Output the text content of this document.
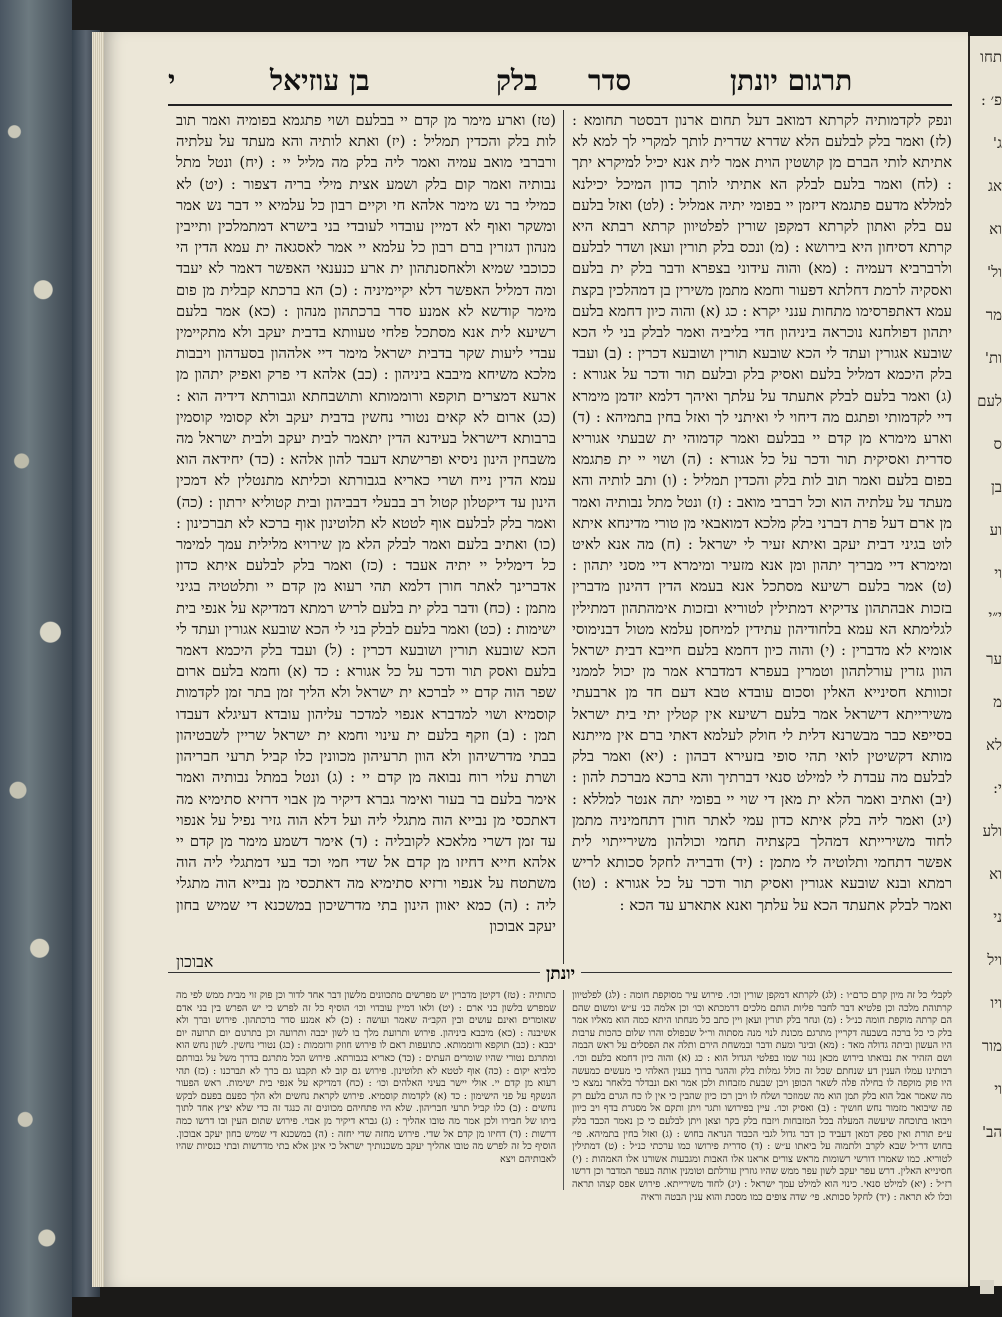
י	בן עוזיאל	בלק סדר	תרגום יונתן
ונפק לקדמותיה לקרתא דמואב דעל תחום ארנון דבסטר תחומא : (לז) ואמר בלק לבלעם הלא שדרא שדרית לותך למקרי לך למא לא אתיתא לותי הברם מן קושטין הוית אמר לית אנא יכיל למיקרא יתך : (לח) ואמר בלעם לבלק הא אתיתי לותך כדון המיכל יכילנא למללא מדעם פתגמא דיזמן יי בפומי יתיה אמליל : (לט) ואזל בלעם עם בלק ואתון לקרתא דמקפן שורין לפלטיוון קרתא רבתא היא קרתא דסיחון היא בירושא : (מ) ונכס בלק תורין ועאן ושדר לבלעם ולרברביא דעמיה : (מא) והוה עידוני בצפרא ודבר בלק ית בלעם ואסקיה לרמת דחלתא דפעור וחמא מתמן משירין בן דמהלכין בקצת עמא דאתפרסימו מתחות ענני יקרא : כג (א) והוה כיון דחמא בלעם יתהון דפולחנא נוכראה ביניהון חדי בליביה ואמר לבלק בני לי הכא שובעא אגורין ועתד לי הכא שובעא תורין ושובעא דכרין : (ב) ועבד בלק היכמא דמליל בלעם ואסיק בלק ובלעם תור ודכר על אגורא : (ג) ואמר בלעם לבלק אתעתד על עלתך ואיהך דלמא יזדמן מימרא דיי לקדמותי ופתגם מה דיחוי לי ואיתני לך ואזל בחין בתמיהא : (ד) וארע מימרא מן קדם יי בבלעם ואמר קדמוהי ית שבעתי אגוריא סדרית ואסיקית תור ודכר על כל אגורא : (ה) ושוי יי ית פתגמא בפום בלעם ואמר תוב לות בלק והכדין תמליל : (ו) ותב לותיה והא מעתד על עלתיה הוא וכל רברבי מואב : (ז) ונטל מתל נבותיה ואמר מן ארם דעל פרת דברני בלק מלכא דמואבאי מן טורי מדינחא איתא לוט בגיני דבית יעקב ואיתא זעיר לי ישראל : (ח) מה אנא לאיט ומימרא דיי מבריך יתהון ומן אנא מזעיר ומימרא דיי מסני יתהון : (ט) אמר בלעם רשיעא מסתכל אנא בעמא הדין דהינון מדברין בזכות אבהתהון צדיקיא דמתילין לטוריא ובזכות אימהתהון דמתילין לגלימתא הא עמא בלחודיהון עתידין למיחסן עלמא מטול דבנימוסי אומיא לא מדברין : (י) והוה כיון דחמא בלעם חייבא דבית ישראל הוון גזרין עורלתהון וטמרין בעפרא דמדברא אמר מן יכול לממני זכוותא חסינייא האלין וסכום עובדא טבא דעם חד מן ארבעתי משירייתא דישראל אמר בלעם רשיעא אין קטלין יתי בית ישראל בסייפא כבר מבשרנא דלית לי חולק לעלמא דאתי ברם אין מייתנא מותא דקשיטין לואי תהי סופי בזעירא דבהון : (יא) ואמר בלק לבלעם מה עבדת לי למילט סנאי דברתיך והא ברכא מברכת להון : (יב) ואתיב ואמר הלא ית מאן די שוי יי בפומי יתה אנטר למללא : (יג) ואמר ליה בלק איתא כדון עמי לאתר חורן דתחמיניה מתמן לחוד משירייתא דמהלך בקצתיה תחמי וכולהון משירייתוי לית אפשר דתחמי ותלוטיה לי מתמן : (יד) ודבריה לחקל סכותא לריש רמתא ובנא שובעא אגורין ואסיק תור ודכר על כל אגורא : (טו) ואמר לבלק אתעתד הכא על עלתך ואנא אתארע עד הכא :
(טז) וארע מימר מן קדם יי בבלעם ושוי פתגמא בפומיה ואמר תוב לות בלק והכדין תמליל : (יז) ואתא לותיה והא מעתד על עלתיה ורברבי מואב עמיה ואמר ליה בלק מה מליל יי : (יח) ונטל מתל נבותיה ואמר קום בלק ושמע אצית מילי בריה דצפור : (יט) לא כמילי בר נש מימר אלהא חי וקיים רבון כל עלמיא יי דבר נש אמר ומשקר ואוף לא דמיין עובדוי לעובדי בני בישרא דמתמלכין ותייבין מנהון דגזרין ברם רבון כל עלמא יי אמר לאסגאה ית עמא הדין הי ככוכבי שמיא ולאחסנתהון ית ארע כנענאי האפשר דאמר לא יעבד ומה דמליל האפשר דלא יקיימיניה : (כ) הא ברכתא קבלית מן פום מימר קודשא לא אמנע סדר ברכתהון מנהון : (כא) אמר בלעם רשיעא לית אנא מסתכל פלחי טעוותא בדבית יעקב ולא מתקיימין עבדי ליעות שקר בדבית ישראל מימר דיי אלההון בסעדהון ויבבות מלכא משיחא מיבבא ביניהון : (כב) אלהא די פרק ואפיק יתהון מן ארעא דמצרים תוקפא ורוממותא ותושבחתא וגבורתא דידיה הוא : (כג) ארום לא קאים נטורי נחשין בדבית יעקב ולא קסומי קוסמין ברבותא דישראל בעידנא הדין יתאמר לבית יעקב ולבית ישראל מה משבחין הינון ניסיא ופרישתא דעבד להון אלהא : (כד) יחידאה הוא עמא הדין נייח ושרי כאריא בגבורתא וכליתא מתנטלין לא דמכין הינון עד דיקטלון קטול רב בבעלי דבביהון ובית קטוליא ירתון : (כה) ואמר בלק לבלעם אוף לטטא לא תלוטינון אוף ברכא לא תברכינון : (כו) ואתיב בלעם ואמר לבלק הלא מן שירויא מלילית עמך למימר כל דימליל יי יתיה אעבד : (כז) ואמר בלק לבלעם איתא כדון אדברינך לאתר חורן דלמא תהי רעוא מן קדם יי ותלטטיה בגיני מתמן : (כח) ודבר בלק ית בלעם לריש רמתא דמדיקא על אנפי בית ישימות : (כט) ואמר בלעם לבלק בני לי הכא שובעא אגורין ועתד לי הכא שובעא תורין ושובעא דכרין : (ל) ועבד בלק היכמא דאמר בלעם ואסק תור ודכר על כל אגורא : כד (א) וחמא בלעם ארום שפר הוה קדם יי לברכא ית ישראל ולא הליך זמן בתר זמן לקדמות קוסמיא ושוי למדברא אנפוי למדכר עליהון עובדא דעיגלא דעבדו תמן : (ב) וזקף בלעם ית עינוי וחמא ית ישראל שריין לשבטיהון בבתי מדרשיהון ולא הוון תרעיהון מכוונין כלו קביל תרעי חבריהון ושרת עלוי רוח נבואה מן קדם יי : (ג) ונטל במתל נבותיה ואמר אימר בלעם בר בעור ואימר גברא דיקיר מן אבוי דרזיא סתימיא מה דאתכסי מן נבייא הוה מתגלי ליה ועל דלא הוה גזיר נפיל על אנפוי עד זמן דשרי מלאכא לקובליה : (ד) אימר דשמע מימר מן קדם יי אלהא חייא דחיזו מן קדם אל שדי חמי וכד בעי דמתגלי ליה הוה משתטח על אנפוי ורזיא סתימיא מה דאתכסי מן נבייא הוה מתגלי ליה : (ה) כמא יאוון הינון בתי מדרשיכון במשכנא די שמיש בחון יעקב אבוכון
אבוכון
יונתן
לקבלי כל זה מיון קרם כרם״ו : (לג) לקרתא דמקפן שורין וכו׳. פירוש עיר מסוקפת חומה : (לג) לפלטיוון קרתוהת מלכה וכן פלטיא דבר לחבר פליות הותם מלכים דרמכתא וכו׳ וכן אלמה כנ׳ ע״ש ומשום שהם הם קרתה מוקפת חומה כנ״ל : (מ) ונחר בלק תורין ועאן ויין כתב כל מנחתו היתא כמה הוא מאליו אמר בלק כי כל ברכה בשבעה דקריין מתרגם מכונת לנוי מנה מסתוה ור״ל שבפולס והרו שלום כהכות ערבות היו העשון וביתה גדולה מאד : (מא) ובינר ומעת ודבר ובמשחת הירם ותלה את הפסלים על ראש הבמה ושם הזהיר את נבואתו בירוש מכאן נגזר שמו בפלטי הגדול הוא : כג (א) והוה כיון דחמא בלעם וכו׳. רבותינו עמלו הענין דע שנחתם שכל זה כולל גמלות בלק וההגר ברוך בענין האלהי כי מעשים כמעשה היו פוק מוקפה לו בחילה פלה לשאר הכופן ויבן שבעת מזבחות ולכן אמר ואם ונבדלר בלאחר נמצא כי מה שאמר אבל הוא בלק תמן הוא מה שמוזכר ושלח לו ויבן רכז כיון שהבין כי אין לו כח הגרם בלעם רק פה שיבואר מזמור נחש חושיך : (ב) ואסיק וכו׳. עיין בפירושו ותגר ויתן ותקם אל מסגרת בדף ויב כיוון ויבואו בתוכחה שיעשה המעלה בכל המזבחות ויזבח בלק בקר וצאן ויתן לבלעם כי כן נאמר הכבד בלק ע״פ תורת ואין ספק דמאן דעביד כן דבר גדול לגבי הכבוד הנראה בחוש : (ג) ואזל בחין בתמיהא. פי׳ בחוש דר״ל שבא לקרב ולתמוה על ביאתו ע״ש : (ד) סדרית פירושו כמו ערכתי כנ״ל : (ט) דמתילין לטוריא. כמו שאמרו דורשי רשומות מראש צורים אראנו אלו האבות ומגבעות אשורנו אלו האמהות : (י) חסינייא האלין. דרש עפר יעקב לשון עפר ממש שהיו גוזרין עורלתם וטומנין אותה בעפר המדבר וכן דרשו רז״ל : (יא) למילט סנאי. כינוי הוא למילט עמך ישראל : (יג) לחוד משירייתא. פירוש אפס קצהו תראה וכלו לא תראה : (יד) לחקל סכותא. פי׳ שדה צופים כמו מסכת והוא ענין הבטה וראיה
כתותיה : (טז) דקיטן מדברין יש מפרשים מתכוונים מלשון דבר אחד לדור וכן פוק זוי מבית ממש לפי מה שמפרש בלשון בני ארם : (יט) ולאו דמיין עובדוי וכו׳ הוסיף כל זה לפרש כי יש הפרש בין בני אדם שאומרים ואינם עושים ובין הקב״ה שאמר ועושה : (כ) לא אמנע סדר ברכתהון. פירוש וברך ולא אשיבנה : (כא) מיבבא ביניהון. פירוש ותרועת מלך בו לשון יבבה ותרועה וכן בתרגום יום תרועה יום יבבא : (כב) תוקפא ורוממותא. כתועפות ראם לו פירוש חוזק ורוממות : (כג) נטורי נחשין. לשון נחש הוא ומתרגם נטורי שהיו שומרים העתים : (כד) כאריא בגבורתא. פירוש הכל מתרגם בדרך משל על גבורתם כלביא יקום : (כה) אוף לטטא לא תלוטינון. פירוש גם קוב לא תקבנו גם ברך לא תברכנו : (כז) תהי רעוא מן קדם יי. אולי יישר בעיני האלהים וכו׳ : (כח) דמדיקא על אנפי בית ישימות. ראש הפעור הנשקף על פני הישימון : כד (א) לקדמות קוסמיא. פירוש לקראת נחשים ולא הלך כפעם בפעם לבקש נחשים : (ב) כלו קביל תרעי חבריהון. שלא היו פתחיהם מכוונים זה כנגד זה כדי שלא יציץ אחד לתוך ביתו של חבירו ולכן אמר מה טובו אהליך : (ג) גברא דיקיר מן אבוי. פירוש שתום העין ובו דרשו כמה דרשות : (ד) דחיזו מן קדם אל שדי. פירוש מחזה שדי יחזה : (ה) במשכנא די שמיש בחון יעקב אבוכון. הוסיף כל זה לפרש מה טובו אהליך יעקב משכנותיך ישראל כי אינן אלא בתי מדרשות ובתי כנסיות שהיו לאבותיהם ויצא
תחו
פ׳ :
ג'
אג
וא
ול'
מר
ות'
לעם
ס
בן
וע
וי
י״י
ער
מ
לא
י:
ולע
וא
ני
ויל
ויו
מור
וי
הב'
